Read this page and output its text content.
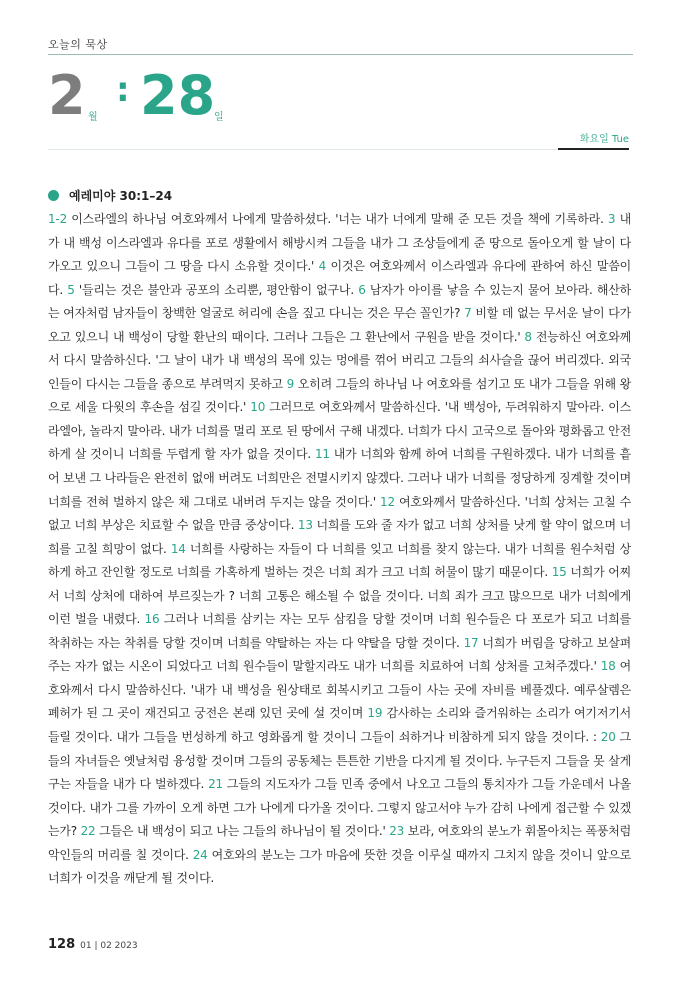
오늘의 묵상
2 월
: 28
일
화요일 Tue
예레미야 30:1–24
1-2 이스라엘의 하나님 여호와께서 나에게 말씀하셨다. '너는 내가 너에게 말해 준 모든 것을 책에 기록하라. 3 내가 내 백성 이스라엘과 유다를 포로 생활에서 해방시켜 그들을 내가 그 조상들에게 준 땅으로 돌아오게 할 날이 다가오고 있으니 그들이 그 땅을 다시 소유할 것이다.' 4 이것은 여호와께서 이스라엘과 유다에 관하여 하신 말씀이다. 5 '들리는 것은 불안과 공포의 소리뿐, 평안함이 없구나. 6 남자가 아이를 낳을 수 있는지 물어 보아라. 해산하는 여자처럼 남자들이 창백한 얼굴로 허리에 손을 짚고 다니는 것은 무슨 꼴인가? 7 비할 데 없는 무서운 날이 다가오고 있으니 내 백성이 당할 환난의 때이다. 그러나 그들은 그 환난에서 구원을 받을 것이다.' 8 전능하신 여호와께서 다시 말씀하신다. '그 날이 내가 내 백성의 목에 있는 멍에를 꺾어 버리고 그들의 쇠사슬을 끊어 버리겠다. 외국인들이 다시는 그들을 종으로 부려먹지 못하고 9 오히려 그들의 하나님 나 여호와를 섬기고 또 내가 그들을 위해 왕으로 세울 다윗의 후손을 섬길 것이다.' 10 그러므로 여호와께서 말씀하신다. '내 백성아, 두려워하지 말아라. 이스라엘아, 놀라지 말아라. 내가 너희를 멀리 포로 된 땅에서 구해 내겠다. 너희가 다시 고국으로 돌아와 평화롭고 안전하게 살 것이니 너희를 두렵게 할 자가 없을 것이다. 11 내가 너희와 함께 하여 너희를 구원하겠다. 내가 너희를 흩어 보낸 그 나라들은 완전히 없애 버려도 너희만은 전멸시키지 않겠다. 그러나 내가 너희를 정당하게 징계할 것이며 너희를 전혀 벌하지 않은 채 그대로 내버려 두지는 않을 것이다.' 12 여호와께서 말씀하신다. '너희 상처는 고칠 수 없고 너희 부상은 치료할 수 없을 만큼 중상이다. 13 너희를 도와 줄 자가 없고 너희 상처를 낫게 할 약이 없으며 너희를 고칠 희망이 없다. 14 너희를 사랑하는 자들이 다 너희를 잊고 너희를 찾지 않는다. 내가 너희를 원수처럼 상하게 하고 잔인할 정도로 너희를 가혹하게 벌하는 것은 너희 죄가 크고 너희 허물이 많기 때문이다. 15 너희가 어찌서 너희 상처에 대하여 부르짖는가 ? 너희 고통은 해소될 수 없을 것이다. 너희 죄가 크고 많으므로 내가 너희에게 이런 벌을 내렸다. 16 그러나 너희를 삼키는 자는 모두 삼킴을 당할 것이며 너희 원수들은 다 포로가 되고 너희를 착취하는 자는 착취를 당할 것이며 너희를 약탈하는 자는 다 약탈을 당할 것이다. 17 너희가 버림을 당하고 보살펴 주는 자가 없는 시온이 되었다고 너희 원수들이 말할지라도 내가 너희를 치료하여 너희 상처를 고쳐주겠다.' 18 여호와께서 다시 말씀하신다. '내가 내 백성을 원상태로 회복시키고 그들이 사는 곳에 자비를 베풀겠다. 예루살렘은 폐허가 된 그 곳이 재건되고 궁전은 본래 있던 곳에 설 것이며 19 감사하는 소리와 즐거워하는 소리가 여기저기서 들릴 것이다. 내가 그들을 번성하게 하고 영화롭게 할 것이니 그들이 쇠하거나 비참하게 되지 않을 것이다. : 20 그들의 자녀들은 옛날처럼 융성할 것이며 그들의 공동체는 튼튼한 기반을 다지게 될 것이다. 누구든지 그들을 못 살게 구는 자들을 내가 다 벌하겠다. 21 그들의 지도자가 그들 민족 중에서 나오고 그들의 통치자가 그들 가운데서 나올 것이다. 내가 그를 가까이 오게 하면 그가 나에게 다가올 것이다. 그렇지 않고서야 누가 감히 나에게 접근할 수 있겠는가? 22 그들은 내 백성이 되고 나는 그들의 하나님이 될 것이다.' 23 보라, 여호와의 분노가 휘몰아치는 폭풍처럼 악인들의 머리를 칠 것이다. 24 여호와의 분노는 그가 마음에 뜻한 것을 이루실 때까지 그치지 않을 것이니 앞으로 너희가 이것을 깨닫게 될 것이다.
128 01 | 02 2023
